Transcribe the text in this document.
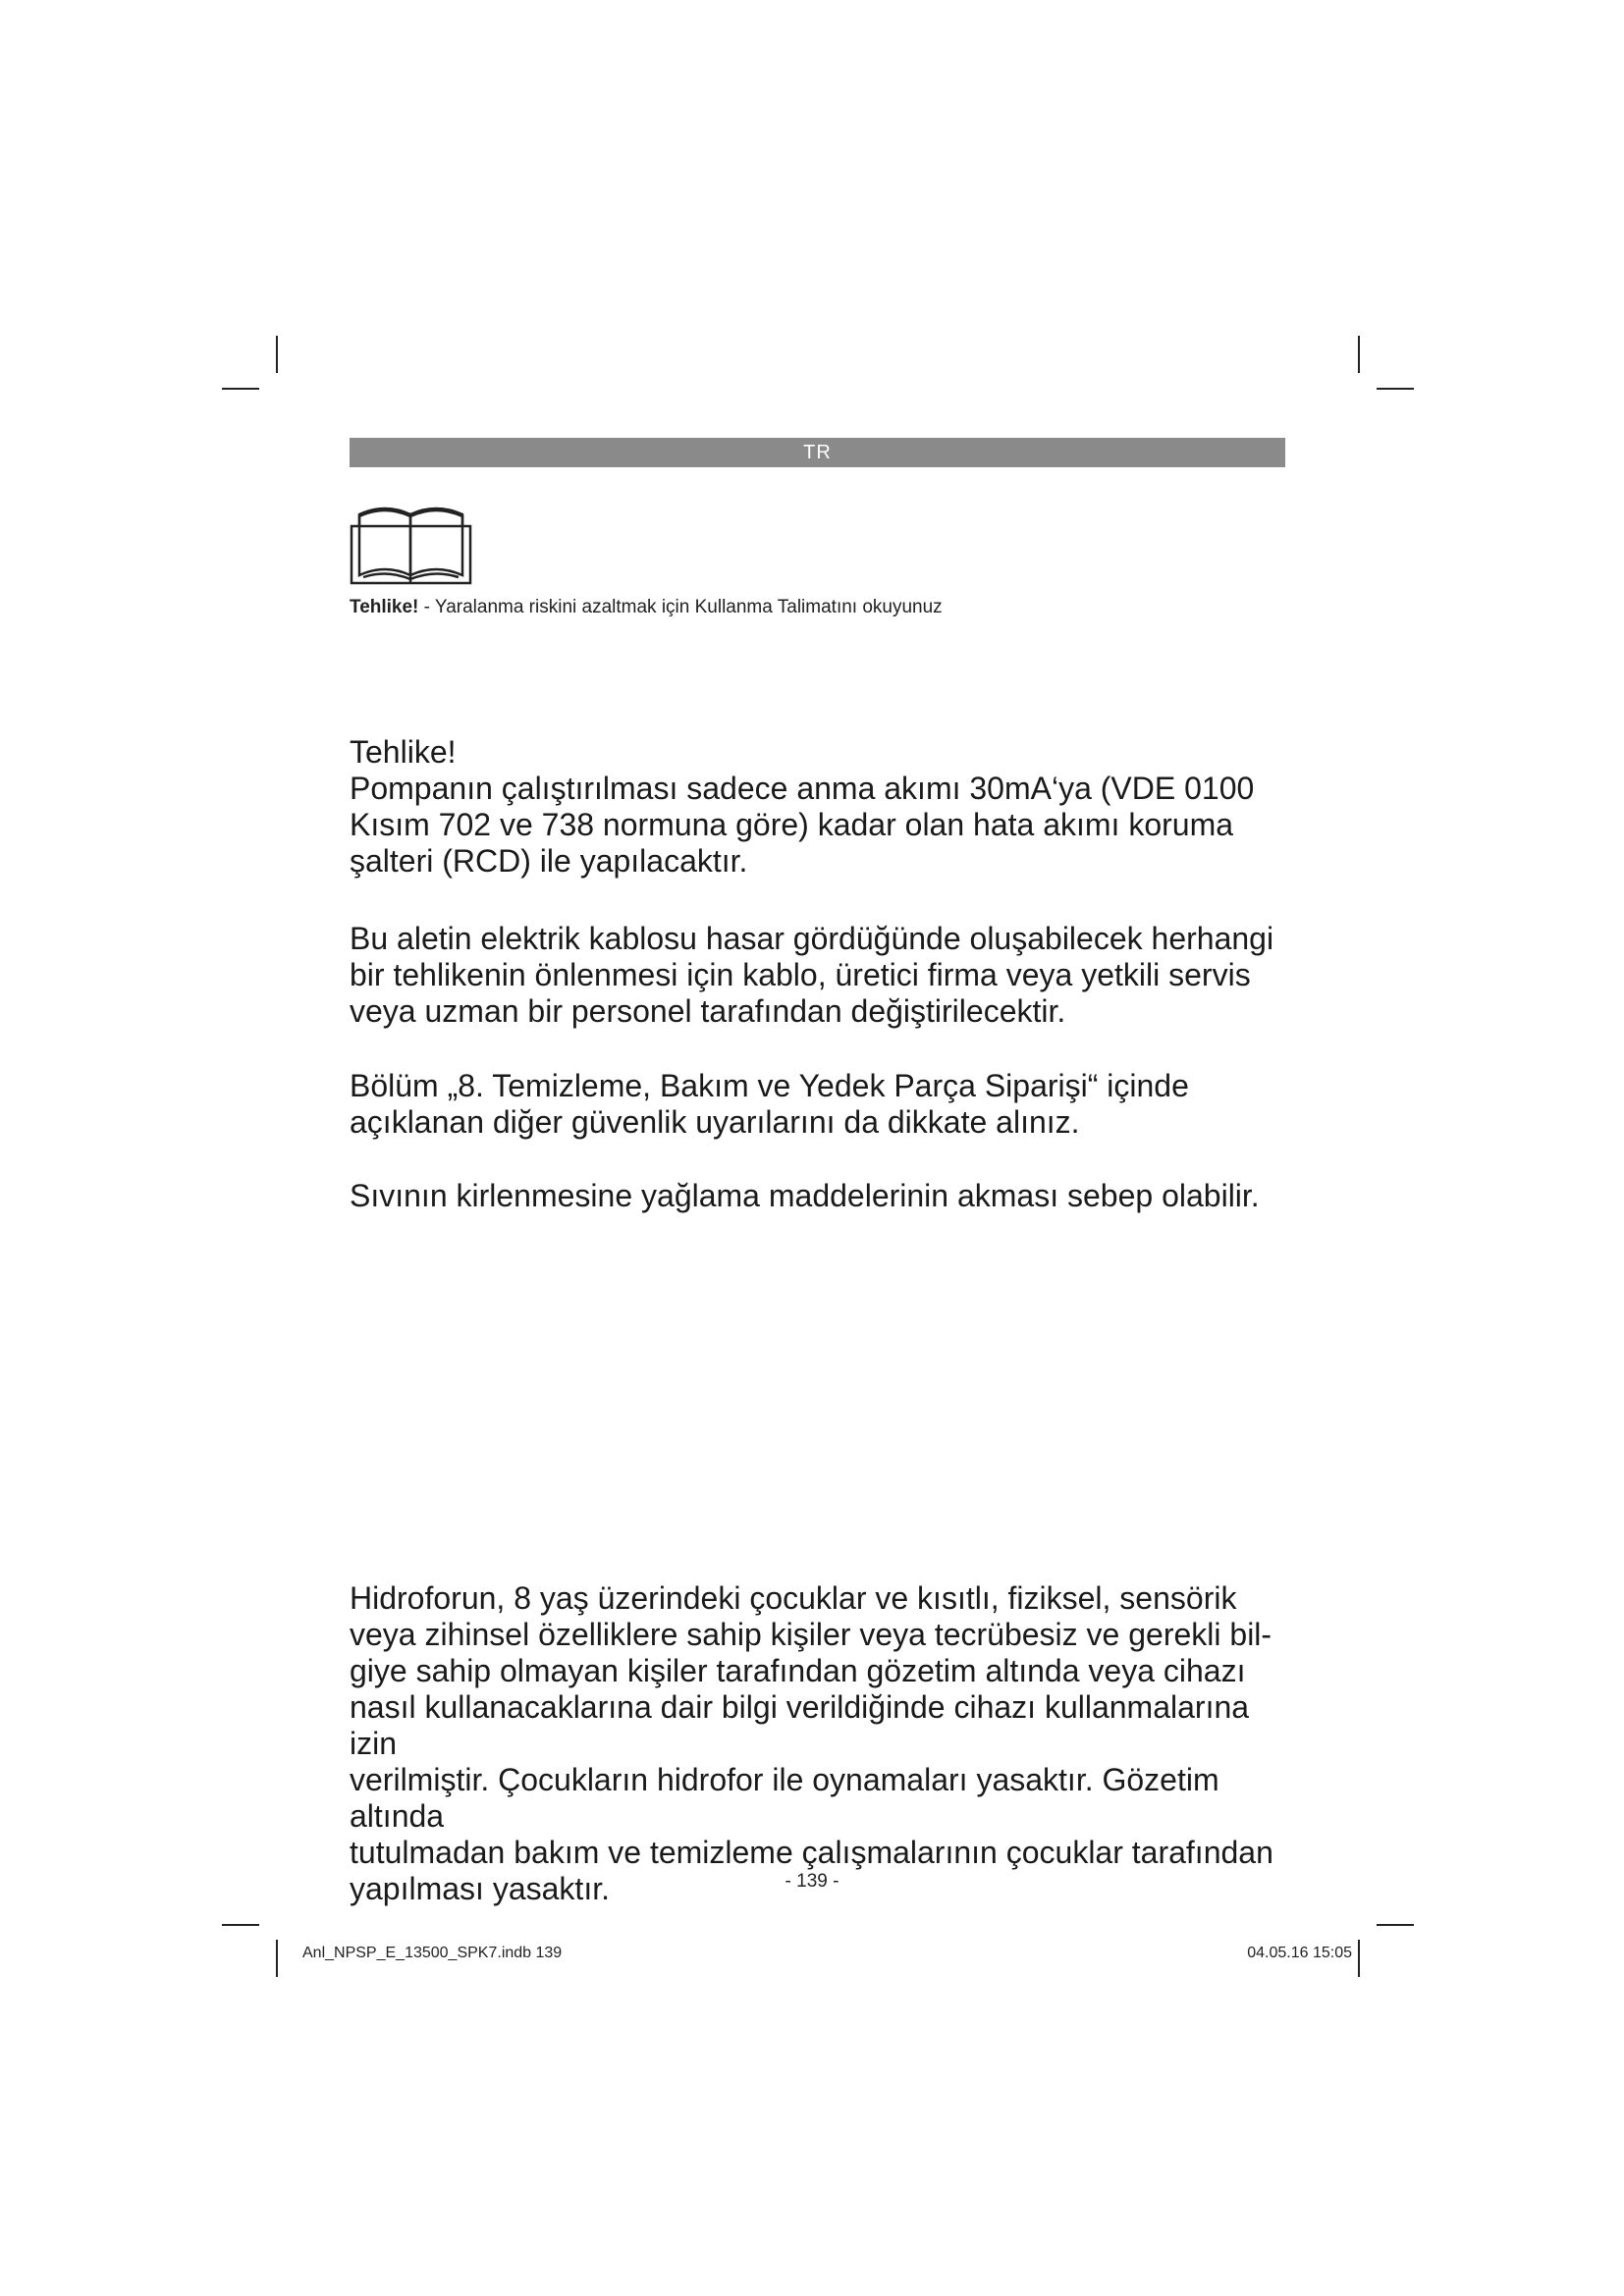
TR
Tehlike! - Yaralanma riskini azaltmak için Kullanma Talimatını okuyunuz

Tehlike!

Pompanın çalıştırılması sadece anma akımı 30mA‘ya (VDE 0100

Kısım 702 ve 738 normuna göre) kadar olan hata akımı koruma

şalteri (RCD) ile yapılacaktır.

Bu aletin elektrik kablosu hasar gördüğünde oluşabilecek herhangi

bir tehlikenin önlenmesi için kablo, üretici firma veya yetkili servis

veya uzman bir personel tarafından değiştirilecektir.

Bölüm „8. Temizleme, Bakım ve Yedek Parça Siparişi“ içinde

açıklanan diğer güvenlik uyarılarını da dikkate alınız.

Sıvının kirlenmesine yağlama maddelerinin akması sebep olabilir.

Hidroforun, 8 yaş üzerindeki çocuklar ve kısıtlı, fiziksel, sensörik

veya zihinsel özelliklere sahip kişiler veya tecrübesiz ve gerekli bil-

giye sahip olmayan kişiler tarafından gözetim altında veya cihazı

nasıl kullanacaklarına dair bilgi verildiğinde cihazı kullanmalarına izin

verilmiştir. Çocukların hidrofor ile oynamaları yasaktır. Gözetim altında

tutulmadan bakım ve temizleme çalışmalarının çocuklar tarafından

yapılması yasaktır.	- 139 -
Anl_NPSP_E_13500_SPK7.indb 139	04.05.16 15:05
